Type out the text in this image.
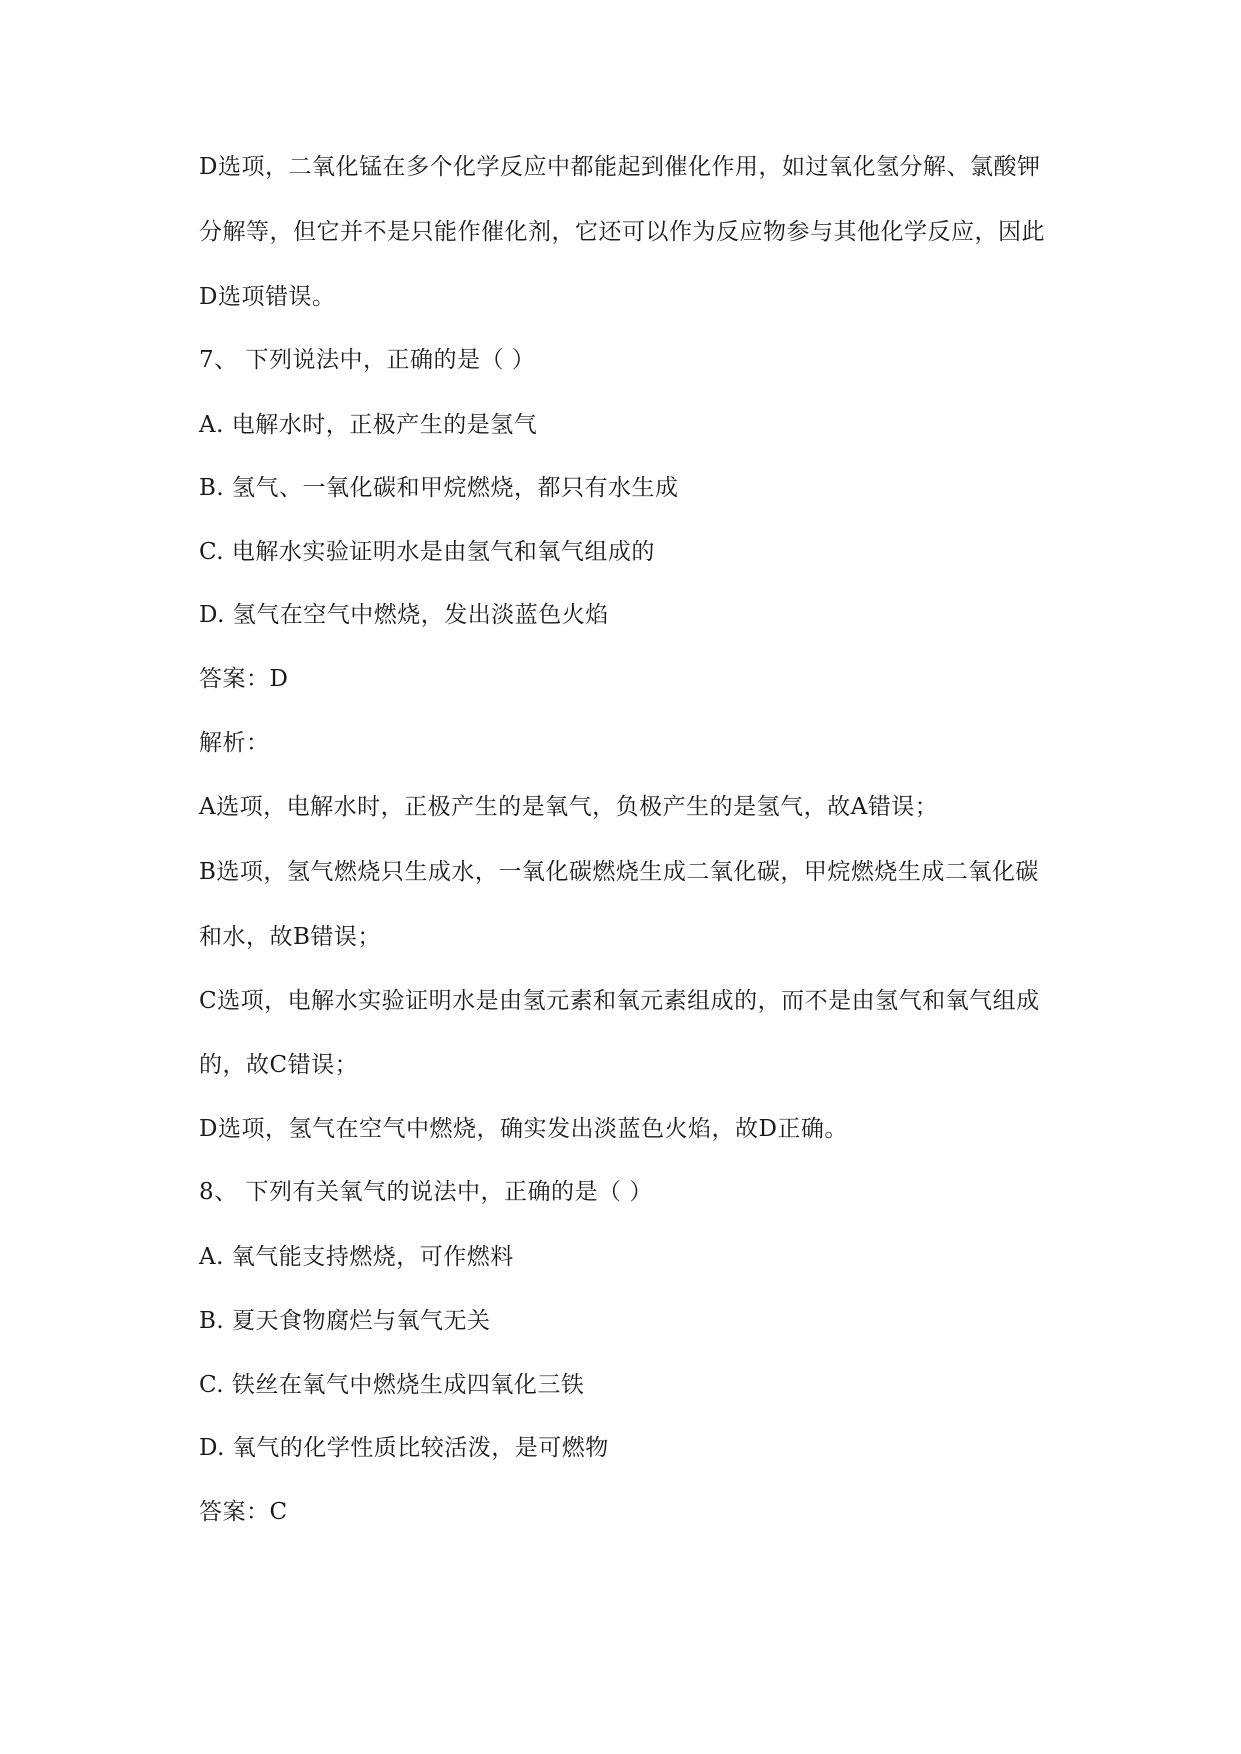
D选项，二氧化锰在多个化学反应中都能起到催化作用，如过氧化氢分解、氯酸钾
分解等，但它并不是只能作催化剂，它还可以作为反应物参与其他化学反应，因此
D选项错误。
7、 下列说法中，正确的是（ ）
A. 电解水时，正极产生的是氢气
B. 氢气、一氧化碳和甲烷燃烧，都只有水生成
C. 电解水实验证明水是由氢气和氧气组成的
D. 氢气在空气中燃烧，发出淡蓝色火焰
答案：D
解析：
A选项，电解水时，正极产生的是氧气，负极产生的是氢气，故A错误；
B选项，氢气燃烧只生成水，一氧化碳燃烧生成二氧化碳，甲烷燃烧生成二氧化碳
和水，故B错误；
C选项，电解水实验证明水是由氢元素和氧元素组成的，而不是由氢气和氧气组成
的，故C错误；
D选项，氢气在空气中燃烧，确实发出淡蓝色火焰，故D正确。
8、 下列有关氧气的说法中，正确的是（ ）
A. 氧气能支持燃烧，可作燃料
B. 夏天食物腐烂与氧气无关
C. 铁丝在氧气中燃烧生成四氧化三铁
D. 氧气的化学性质比较活泼，是可燃物
答案：C
